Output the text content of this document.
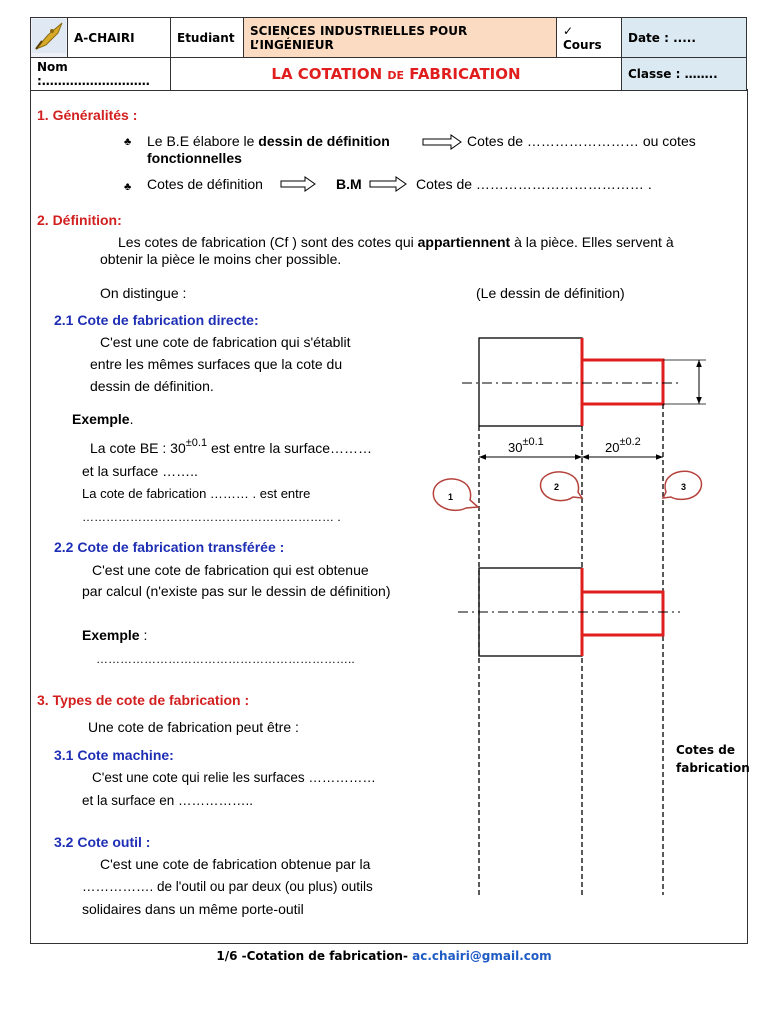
	A-CHAIRI	Etudiant	SCIENCES INDUSTRIELLES POUR L’INGÉNIEUR	✓ Cours	Date : .....
Nom :………………………		LA COTATION DE FABRICATION			Classe : ……..
1. Généralités :
♣ Le B.E élabore le dessin de définition	Cotes de …………………… ou cotes
fonctionnelles
♣ Cotes de définition	B.M	Cotes de ……………………………… .
2. Définition:
Les cotes de fabrication (Cf ) sont des cotes qui appartiennent à la pièce. Elles servent à
obtenir la pièce le moins cher possible.
On distingue :	(Le dessin de définition)
2.1 Cote de fabrication directe:
C'est une cote de fabrication qui s'établit
entre les mêmes surfaces que la cote du
dessin de définition.
Exemple.
La cote BE : $30^{\pm 0.1}$ est entre la surface………
et la surface ……..
La cote de fabrication ……… . est entre
……………………………………………………… .
2.2 Cote de fabrication transférée :
C'est une cote de fabrication qui est obtenue
par calcul (n'existe pas sur le dessin de définition)
Exemple :
………………………………………………………..
3. Types de cote de fabrication :
Une cote de fabrication peut être :
3.1 Cote machine:
C'est une cote qui relie les surfaces ……………
et la surface en ……………..
3.2 Cote outil :
C'est une cote de fabrication obtenue par la
……………. de l'outil ou par deux (ou plus) outils
solidaires dans un même porte-outil
$30^{\pm 0.1}$	$20^{\pm 0.2}$
1
2	3
Cotes de
fabrication
1/6 -Cotation de fabrication- ac.chairi@gmail.com
